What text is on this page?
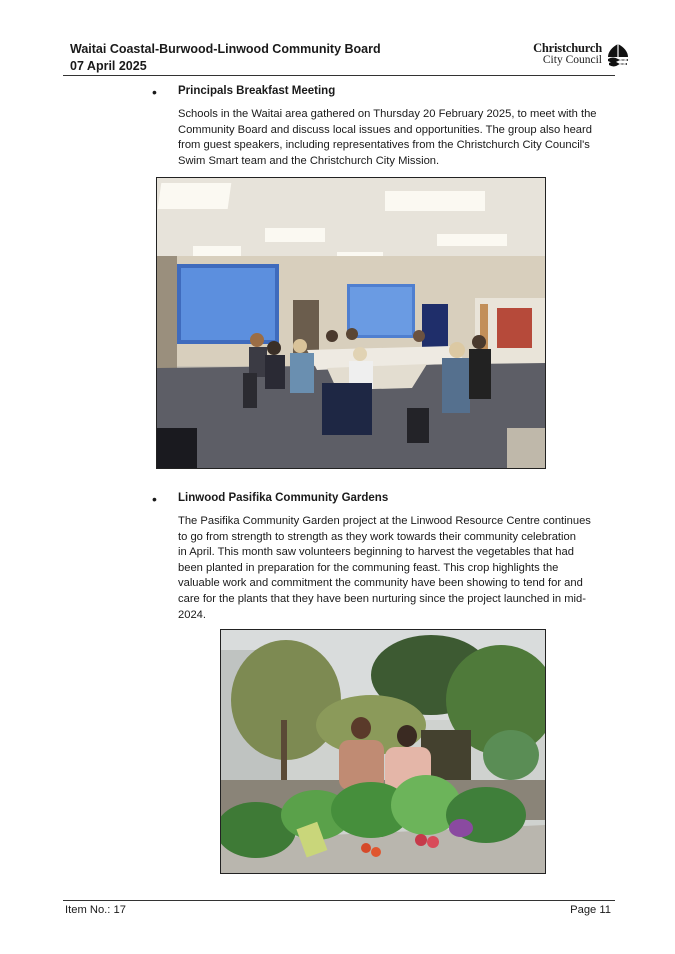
Waitai Coastal-Burwood-Linwood Community Board
07 April 2025
Christchurch
City Council
• Principals Breakfast Meeting

Schools in the Waitai area gathered on Thursday 20 February 2025, to meet with the
Community Board and discuss local issues and opportunities. The group also heard
from guest speakers, including representatives from the Christchurch City Council's
Swim Smart team and the Christchurch City Mission.

• Linwood Pasifika Community Gardens

The Pasifika Community Garden project at the Linwood Resource Centre continues
to go from strength to strength as they work towards their community celebration
in April. This month saw volunteers beginning to harvest the vegetables that had
been planted in preparation for the communing feast. This crop highlights the
valuable work and commitment the community have been showing to tend for and
care for the plants that they have been nurturing since the project launched in mid-
2024.

Item No.: 17	Page 11
